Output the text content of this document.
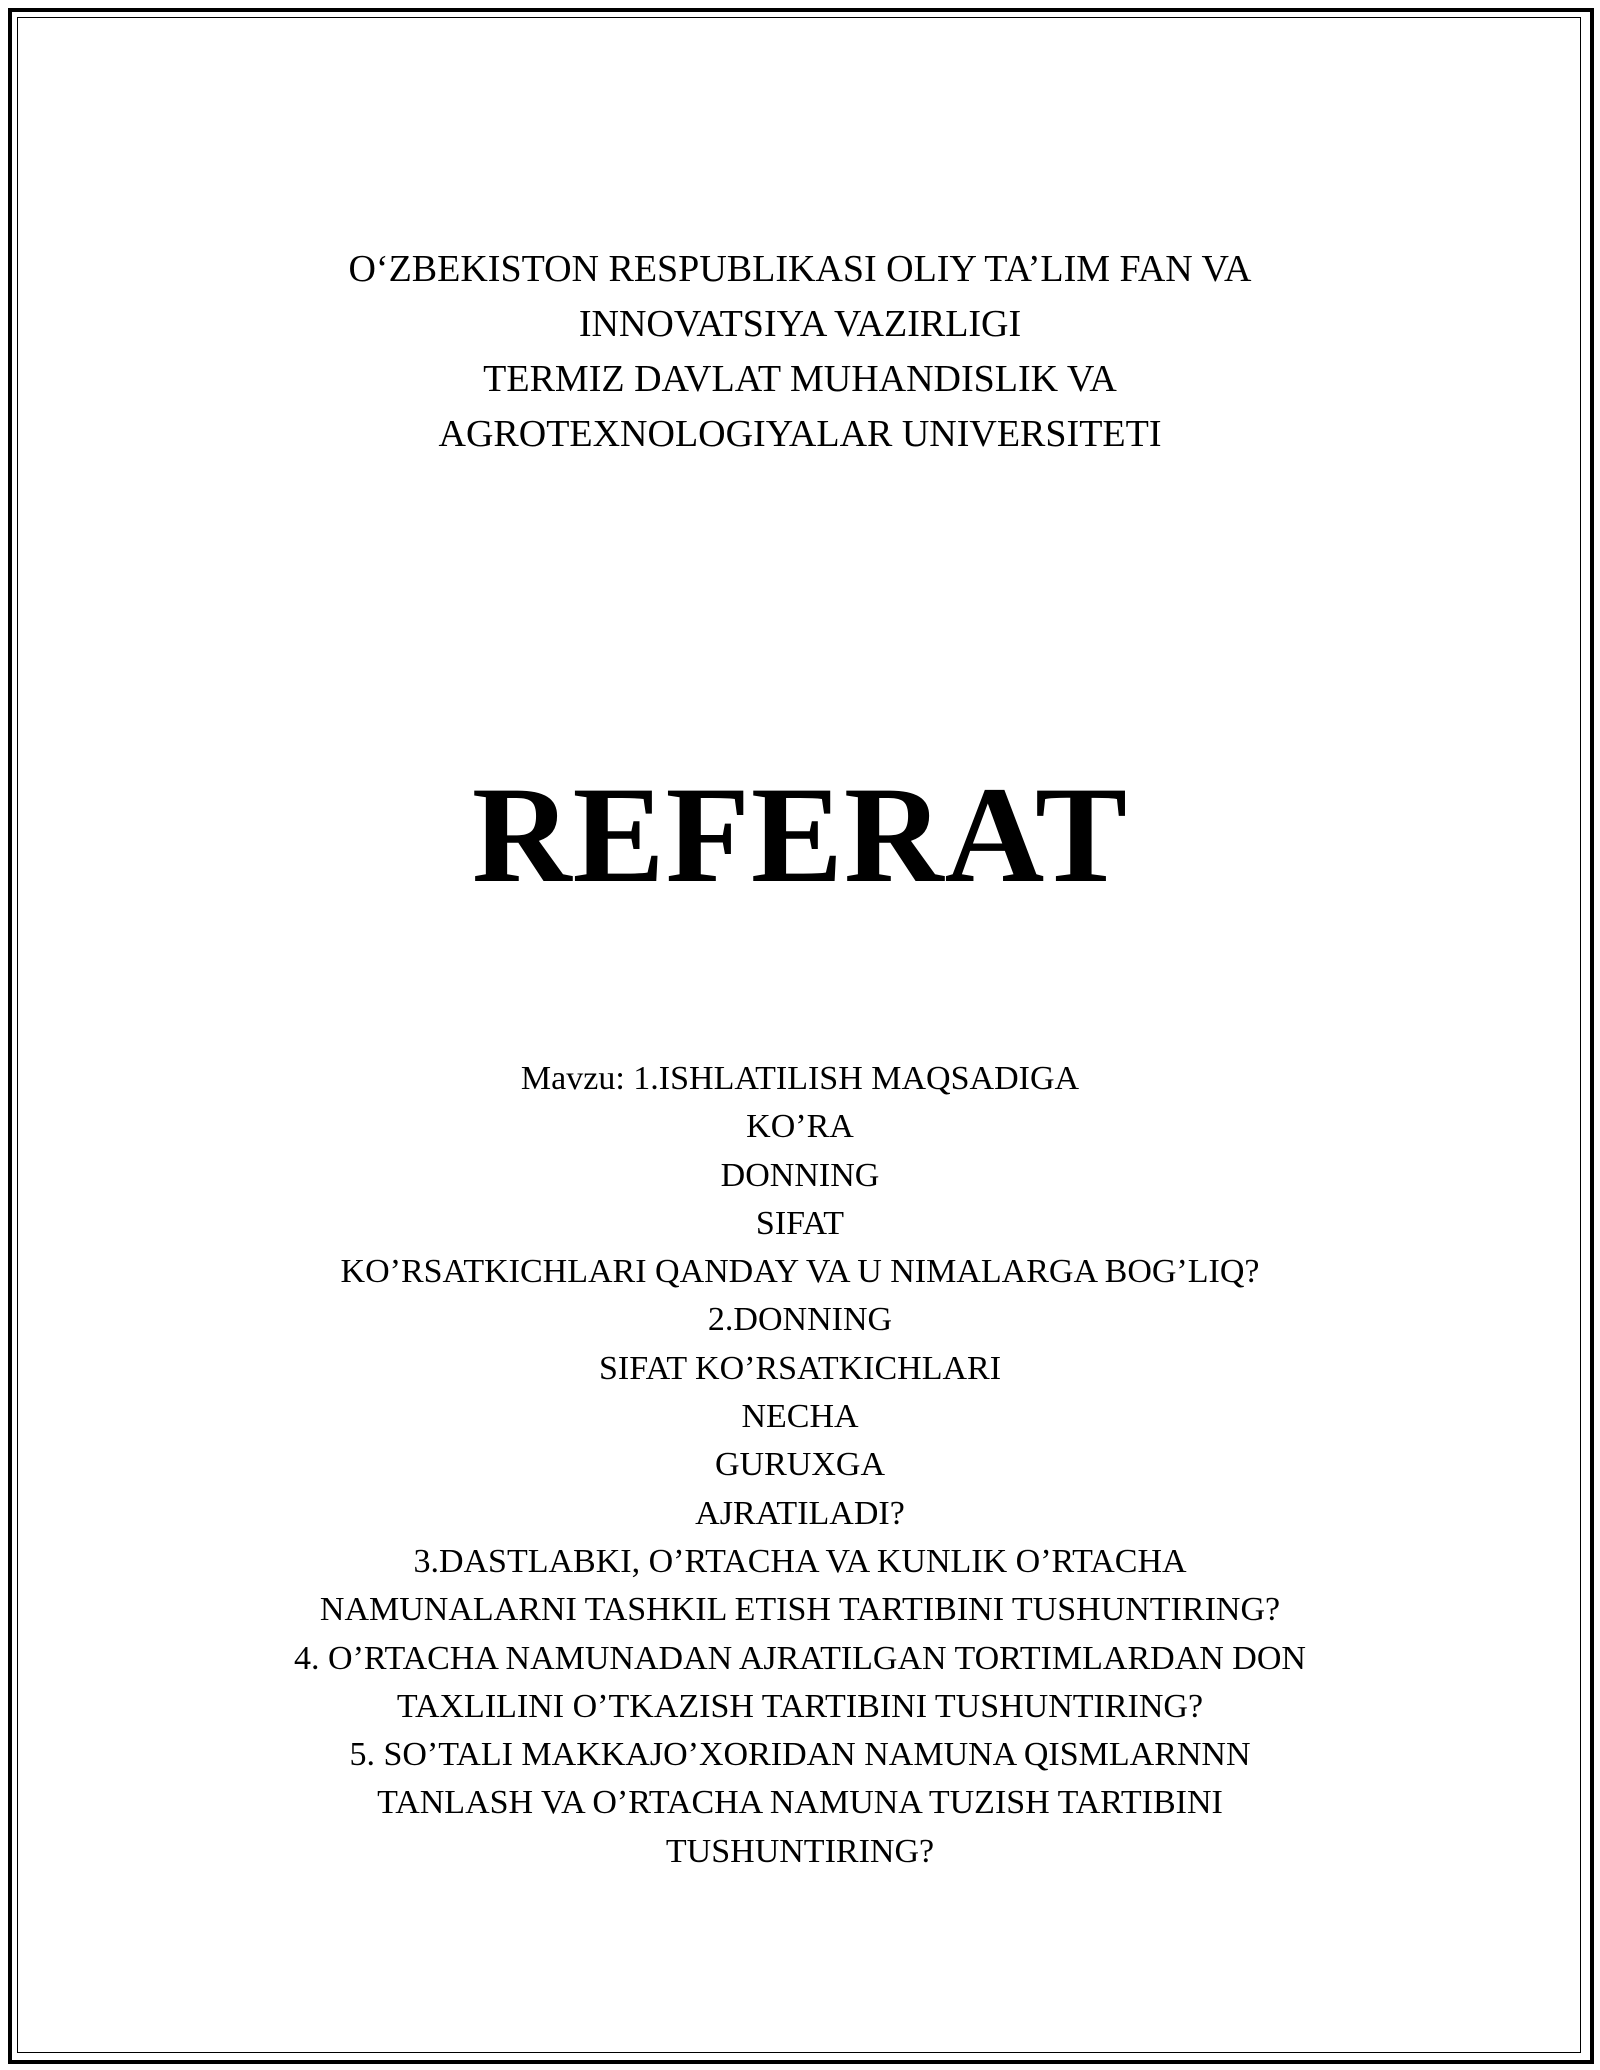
O‘ZBEKISTON RESPUBLIKASI OLIY TA’LIM FAN VA
INNOVATSIYA VAZIRLIGI
TERMIZ DAVLAT MUHANDISLIK VA
AGROTEXNOLOGIYALAR UNIVERSITETI
REFERAT
Mavzu: 1.ISHLATILISH MAQSADIGA
KO’RA
DONNING
SIFAT
KO’RSATKICHLARI QANDAY VA U NIMALARGA BOG’LIQ?
2.DONNING
SIFAT KO’RSATKICHLARI
NECHA
GURUXGA
AJRATILADI?
3.DASTLABKI, O’RTACHA VA KUNLIK O’RTACHA
NAMUNALARNI TASHKIL ETISH TARTIBINI TUSHUNTIRING?
4. O’RTACHA NAMUNADAN AJRATILGAN TORTIMLARDAN DON
TAXLILINI O’TKAZISH TARTIBINI TUSHUNTIRING?
5. SO’TALI MAKKAJO’XORIDAN NAMUNA QISMLARNNN
TANLASH VA O’RTACHA NAMUNA TUZISH TARTIBINI
TUSHUNTIRING?
